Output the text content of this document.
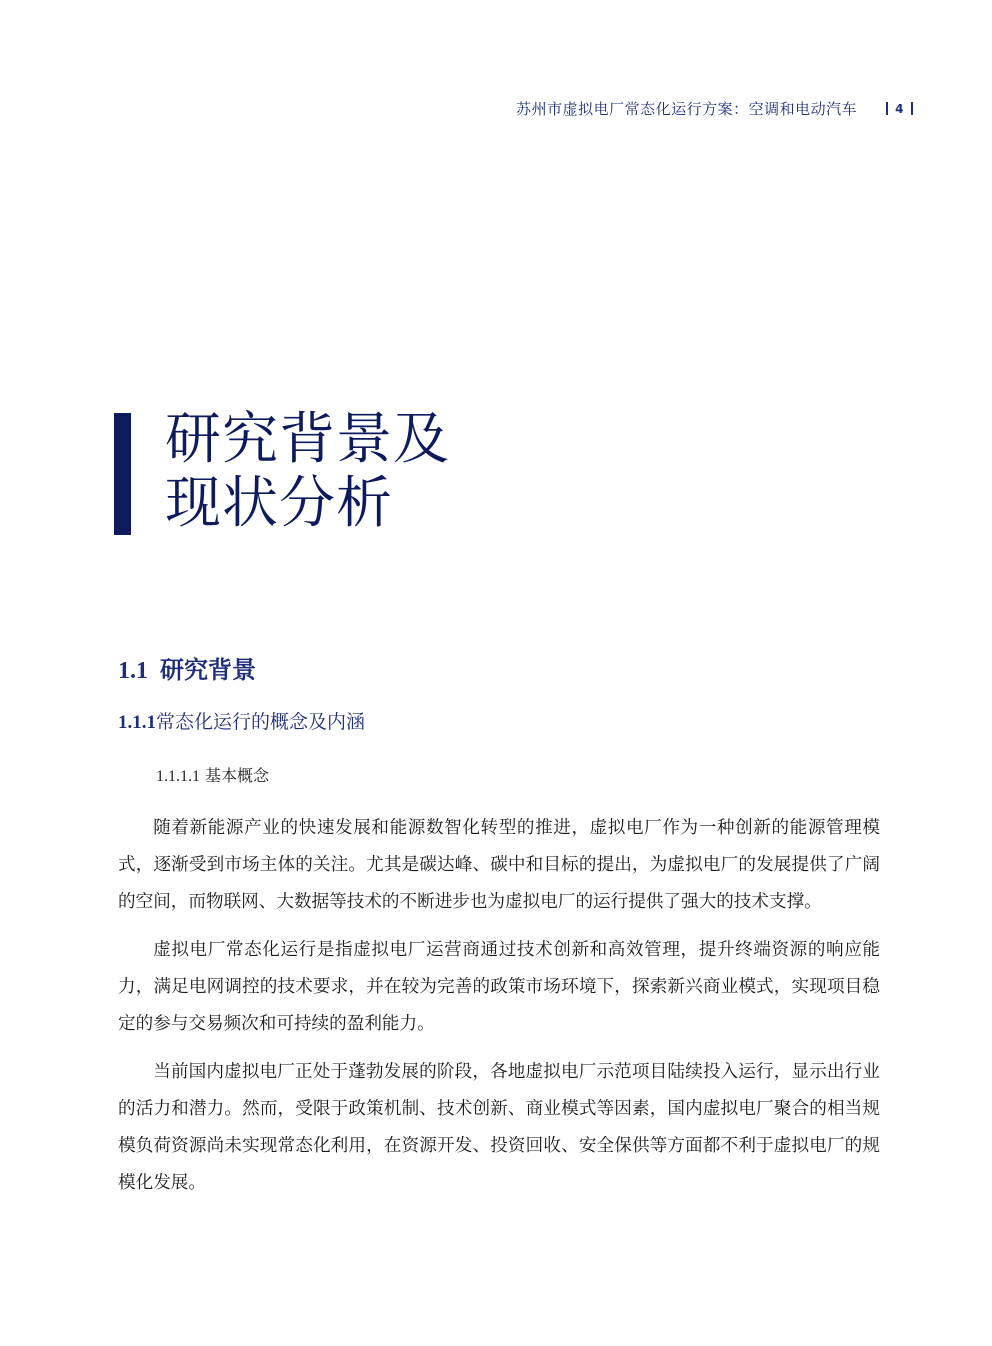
苏州市虚拟电厂常态化运行方案：空调和电动汽车	4
研究背景及
现状分析
1.1 研究背景
1.1.1常态化运行的概念及内涵
1.1.1.1 基本概念

随着新能源产业的快速发展和能源数智化转型的推进，虚拟电厂作为一种创新的能源管理模式，逐渐受到市场主体的关注。尤其是碳达峰、碳中和目标的提出，为虚拟电厂的发展提供了广阔的空间，而物联网、大数据等技术的不断进步也为虚拟电厂的运行提供了强大的技术支撑。

虚拟电厂常态化运行是指虚拟电厂运营商通过技术创新和高效管理，提升终端资源的响应能力，满足电网调控的技术要求，并在较为完善的政策市场环境下，探索新兴商业模式，实现项目稳定的参与交易频次和可持续的盈利能力。

当前国内虚拟电厂正处于蓬勃发展的阶段，各地虚拟电厂示范项目陆续投入运行，显示出行业的活力和潜力。然而，受限于政策机制、技术创新、商业模式等因素，国内虚拟电厂聚合的相当规模负荷资源尚未实现常态化利用，在资源开发、投资回收、安全保供等方面都不利于虚拟电厂的规模化发展。
